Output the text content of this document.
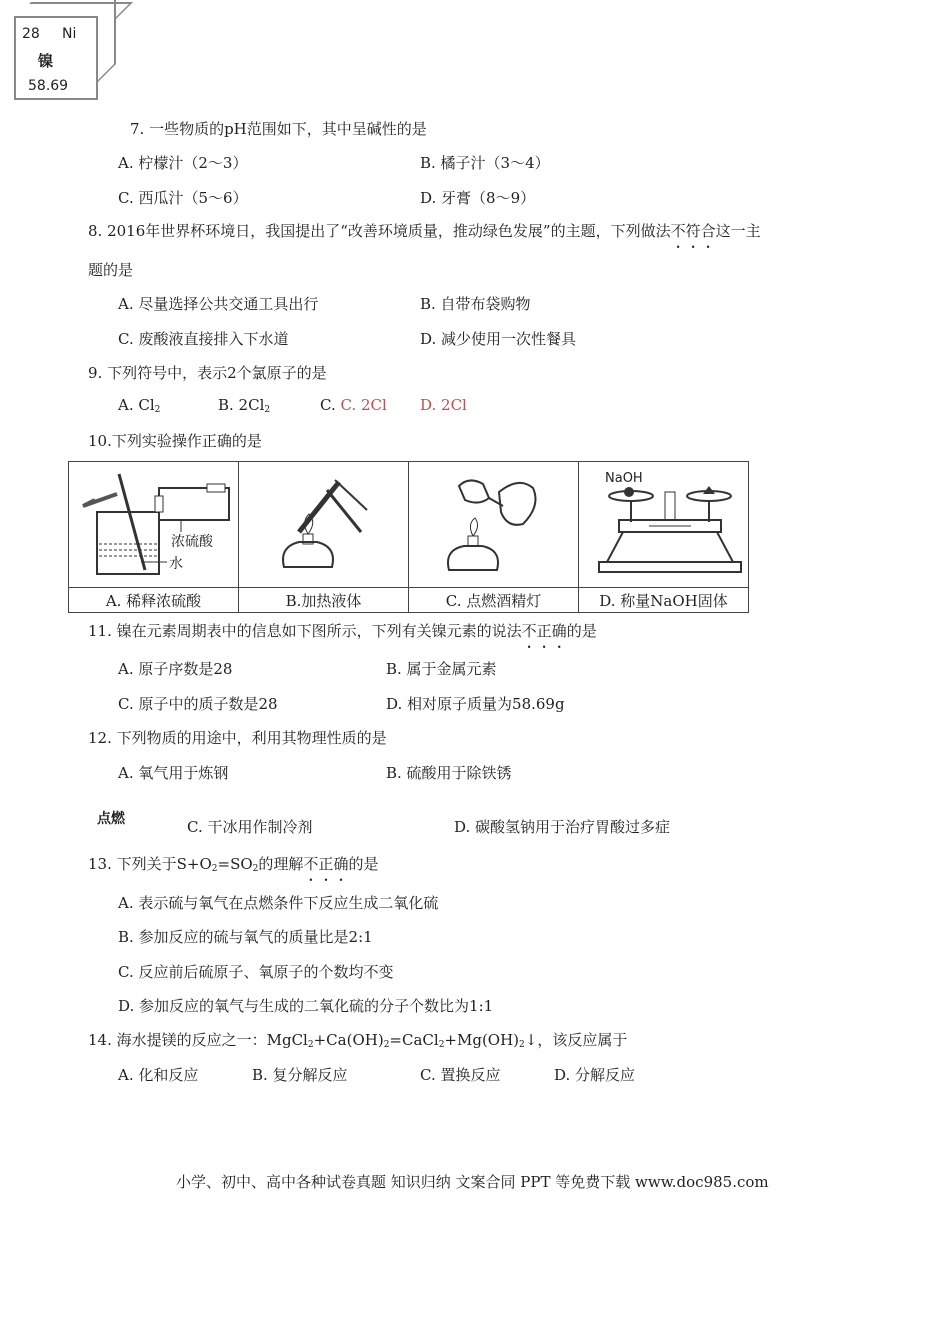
28 Ni
镍
58.69
7. 一些物质的pH范围如下，其中呈碱性的是
A. 柠檬汁（2～3）	B. 橘子汁（3～4）
C. 西瓜汁（5～6）	D. 牙膏（8～9）
8. 2016年世界杯环境日，我国提出了“改善环境质量，推动绿色发展”的主题，下列做法不符合这一主
题的是
A. 尽量选择公共交通工具出行	B. 自带布袋购物
C. 废酸液直接排入下水道	D. 减少使用一次性餐具
9. 下列符号中，表示2个氯原子的是
A. $Cl_2$	B. $2Cl_2$	C. C. 2Cl D. 2Cl
10.下列实验操作正确的是
浓硫酸
水			NaOH

A. 稀释浓硫酸	B.加热液体	C. 点燃酒精灯	D. 称量NaOH固体
11. 镍在元素周期表中的信息如下图所示，下列有关镍元素的说法不正确的是
A. 原子序数是28	B. 属于金属元素
C. 原子中的质子数是28	D. 相对原子质量为58.69g
12. 下列物质的用途中，利用其物理性质的是
A. 氧气用于炼钢	B. 硫酸用于除铁锈
点燃	C. 干冰用作制冷剂	D. 碳酸氢钠用于治疗胃酸过多症
13. 下列关于$S+O_2=SO_2$的理解不正确的是
A. 表示硫与氧气在点燃条件下反应生成二氧化硫
B. 参加反应的硫与氧气的质量比是2:1
C. 反应前后硫原子、氧原子的个数均不变
D. 参加反应的氧气与生成的二氧化硫的分子个数比为1:1
14. 海水提镁的反应之一：$MgCl_2+Ca(OH)_2=CaCl_2+Mg(OH)_2↓$，该反应属于
A. 化和反应	B. 复分解反应	C. 置换反应	D. 分解反应
小学、初中、高中各种试卷真题 知识归纳 文案合同 PPT 等免费下载 www.doc985.com
